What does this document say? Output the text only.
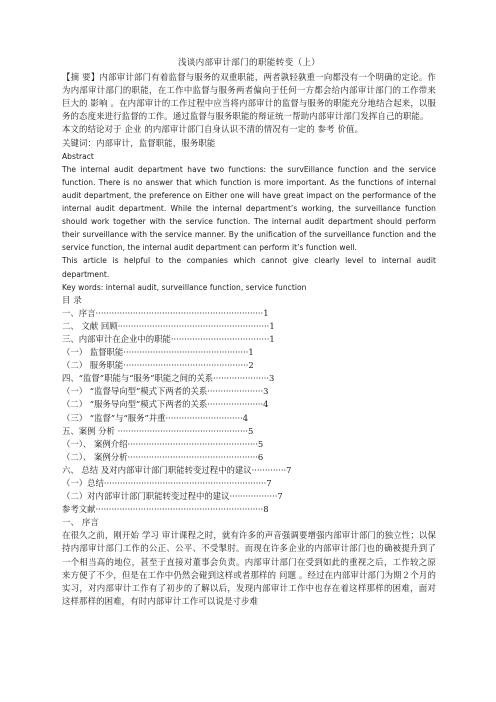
浅谈内部审计部门的职能转变（上）

【摘 要】内部审计部门有着监督与服务的双重职能，两者孰轻孰重一向都没有一个明确的定论。作为内部审计部门的职能，在工作中监督与服务两者偏向于任何一方都会给内部审计部门的工作带来巨大的 影响 。在内部审计的工作过程中应当将内部审计的监督与服务的职能充分地结合起来，以服务的态度来进行监督的工作。通过监督与服务职能的辩证统一帮助内部审计部门发挥自己的职能。

本文的结论对于 企业 的内部审计部门自身认识不清的情况有一定的 参考 价值。

关键词：内部审计，监督职能，服务职能

Abstract

The internal audit department have two functions: the survEillance function and the service function. There is no answer that which function is more important. As the functions of internal audit department, the preference on Either one will have great impact on the performance of the internal audit department. While the internal department’s working, the surveillance function should work together with the service function. The internal audit department should perform their surveillance with the service manner. By the unification of the surveillance function and the service function, the internal audit department can perform it’s function well.

This article is helpful to the companies which cannot give clearly level to internal audit department.

Key words: internal audit, surveillance function, service function

目 录

一、序言·······························································1
二、 文献 回顾·························································1
三、内部审计在企业中的职能·····································1
（一） 监督职能···············································1
（二） 服务职能···············································2
四、“监督”职能与“服务”职能之间的关系·····················3
（一） “监督导向型”模式下两者的关系·····················3
（二） “服务导向型”模式下两者的关系·····················4
（三） “监督”与“服务”并重·····························4
五、案例 分析 ·················································5
（一）、 案例介绍·················································5
（二）、 案例分析·················································6
六、 总结 及对内部审计部门职能转变过程中的建议·············7
（一）总结·····························································7
（二）对内部审计部门职能转变过程中的建议··················7
参考文献·······························································8

一、 序言

在很久之前，刚开始 学习 审计课程之时，就有许多的声音强调要增强内部审计部门的独立性；以保持内部审计部门工作的公正、公平、不受掣肘。而现在许多企业的内部审计部门也的确被提升到了一个相当高的地位，甚至于直接对董事会负责。内部审计部门在受到如此的重视之后，工作较之原来方便了不少，但是在工作中仍然会碰到这样或者那样的 问题 。经过在内部审计部门为期２个月的实习，对内部审计工作有了初步的了解以后，发现内部审计工作中也存在着这样那样的困难，面对这样那样的困难，有时内部审计工作可以说是寸步难
